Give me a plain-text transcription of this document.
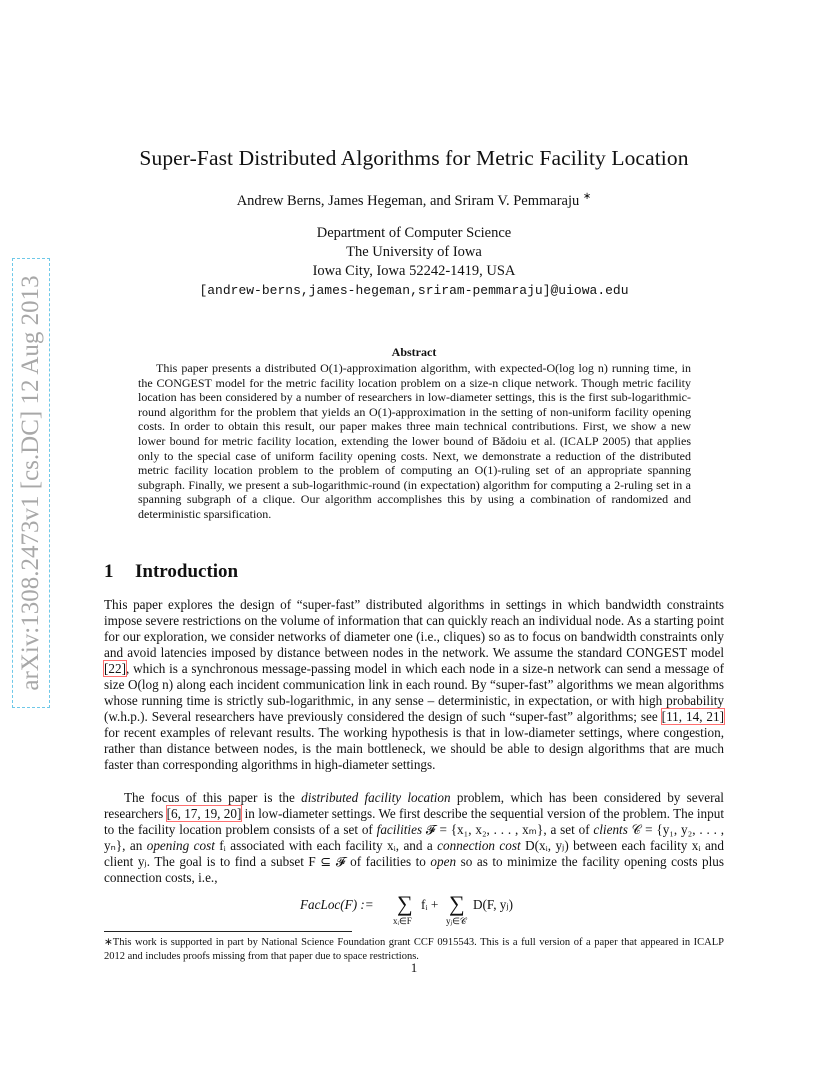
arXiv:1308.2473v1 [cs.DC] 12 Aug 2013
Super-Fast Distributed Algorithms for Metric Facility Location
Andrew Berns, James Hegeman, and Sriram V. Pemmaraju ∗
Department of Computer Science
The University of Iowa
Iowa City, Iowa 52242-1419, USA
[andrew-berns,james-hegeman,sriram-pemmaraju]@uiowa.edu
Abstract

This paper presents a distributed O(1)-approximation algorithm, with expected-O(log log n) running time, in the CONGEST model for the metric facility location problem on a size-n clique network. Though metric facility location has been considered by a number of researchers in low-diameter settings, this is the first sub-logarithmic-round algorithm for the problem that yields an O(1)-approximation in the setting of non-uniform facility opening costs. In order to obtain this result, our paper makes three main technical contributions. First, we show a new lower bound for metric facility location, extending the lower bound of Bădoiu et al. (ICALP 2005) that applies only to the special case of uniform facility opening costs. Next, we demonstrate a reduction of the distributed metric facility location problem to the problem of computing an O(1)-ruling set of an appropriate spanning subgraph. Finally, we present a sub-logarithmic-round (in expectation) algorithm for computing a 2-ruling set in a spanning subgraph of a clique. Our algorithm accomplishes this by using a combination of randomized and deterministic sparsification.

1 Introduction

This paper explores the design of “super-fast” distributed algorithms in settings in which bandwidth constraints impose severe restrictions on the volume of information that can quickly reach an individual node. As a starting point for our exploration, we consider networks of diameter one (i.e., cliques) so as to focus on bandwidth constraints only and avoid latencies imposed by distance between nodes in the network. We assume the standard CONGEST model [22], which is a synchronous message-passing model in which each node in a size-n network can send a message of size O(log n) along each incident communication link in each round. By “super-fast” algorithms we mean algorithms whose running time is strictly sub-logarithmic, in any sense – deterministic, in expectation, or with high probability (w.h.p.). Several researchers have previously considered the design of such “super-fast” algorithms; see [11, 14, 21] for recent examples of relevant results. The working hypothesis is that in low-diameter settings, where congestion, rather than distance between nodes, is the main bottleneck, we should be able to design algorithms that are much faster than corresponding algorithms in high-diameter settings.

The focus of this paper is the distributed facility location problem, which has been considered by several researchers [6, 17, 19, 20] in low-diameter settings. We first describe the sequential version of the problem. The input to the facility location problem consists of a set of facilities 𝓕 = {x₁, x₂, . . . , xₘ}, a set of clients 𝒞 = {y₁, y₂, . . . , yₙ}, an opening cost fᵢ associated with each facility xᵢ, and a connection cost D(xᵢ, yⱼ) between each facility xᵢ and client yⱼ. The goal is to find a subset F ⊆ 𝓕 of facilities to open so as to minimize the facility opening costs plus connection costs, i.e.,

FacLoc(F) := ∑ fᵢ + ∑ D(F, yⱼ)
xᵢ∈F	yⱼ∈𝒞

∗This work is supported in part by National Science Foundation grant CCF 0915543. This is a full version of a paper that appeared in ICALP 2012 and includes proofs missing from that paper due to space restrictions.

1
